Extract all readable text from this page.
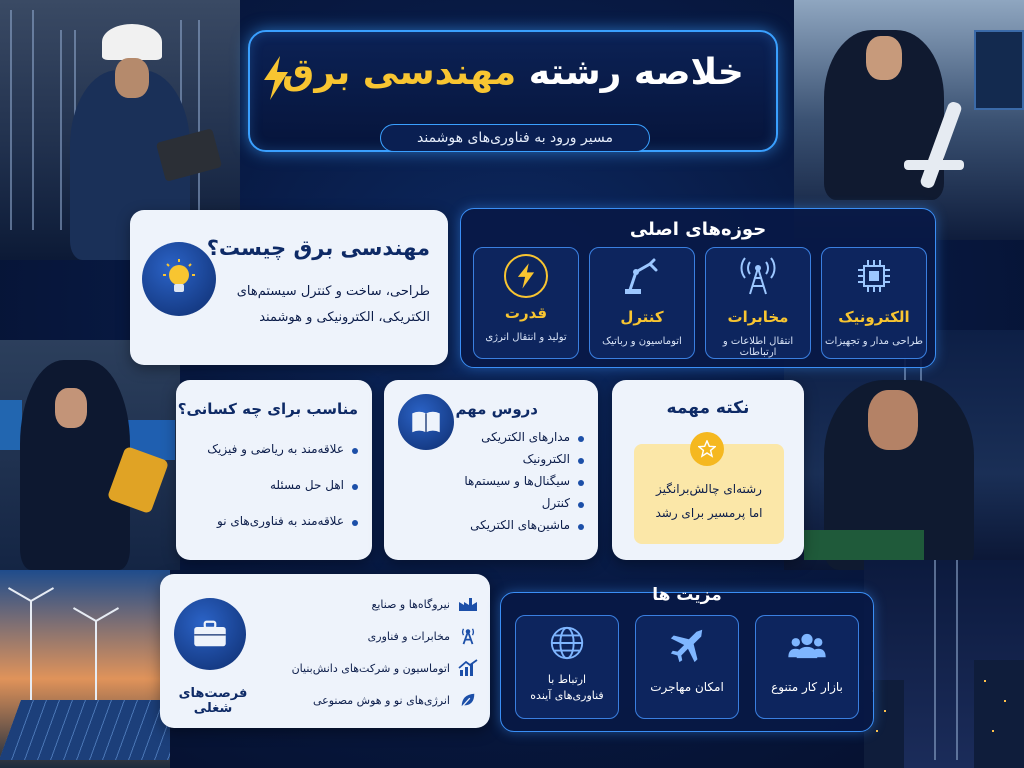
خلاصه رشته مهندسی برق
مسیر ورود به فناوری‌های هوشمند
مهندسی برق چیست؟
طراحی، ساخت و کنترل سیستم‌های
الکتریکی، الکترونیکی و هوشمند
حوزه‌های اصلی
الکترونیک
طراحی مدار و تجهیزات
مخابرات
انتقال اطلاعات و ارتباطات
کنترل
اتوماسیون و رباتیک
قدرت
تولید و انتقال انرژی
مناسب برای چه کسانی؟
علاقه‌مند به ریاضی و فیزیک
اهل حل مسئله
علاقه‌مند به فناوری‌های نو
دروس مهم
مدارهای الکتریکی
الکترونیک
سیگنال‌ها و سیستم‌ها
کنترل
ماشین‌های الکتریکی
نکته مهمه
رشته‌ای چالش‌برانگیز
اما پرمسیر برای رشد
فرصت‌های شغلی
نیروگاه‌ها و صنایع
مخابرات و فناوری
اتوماسیون و شرکت‌های دانش‌بنیان
انرژی‌های نو و هوش مصنوعی
مزیت ها
بازار کار متنوع
امکان مهاجرت
ارتباط با فناوری‌های آینده
